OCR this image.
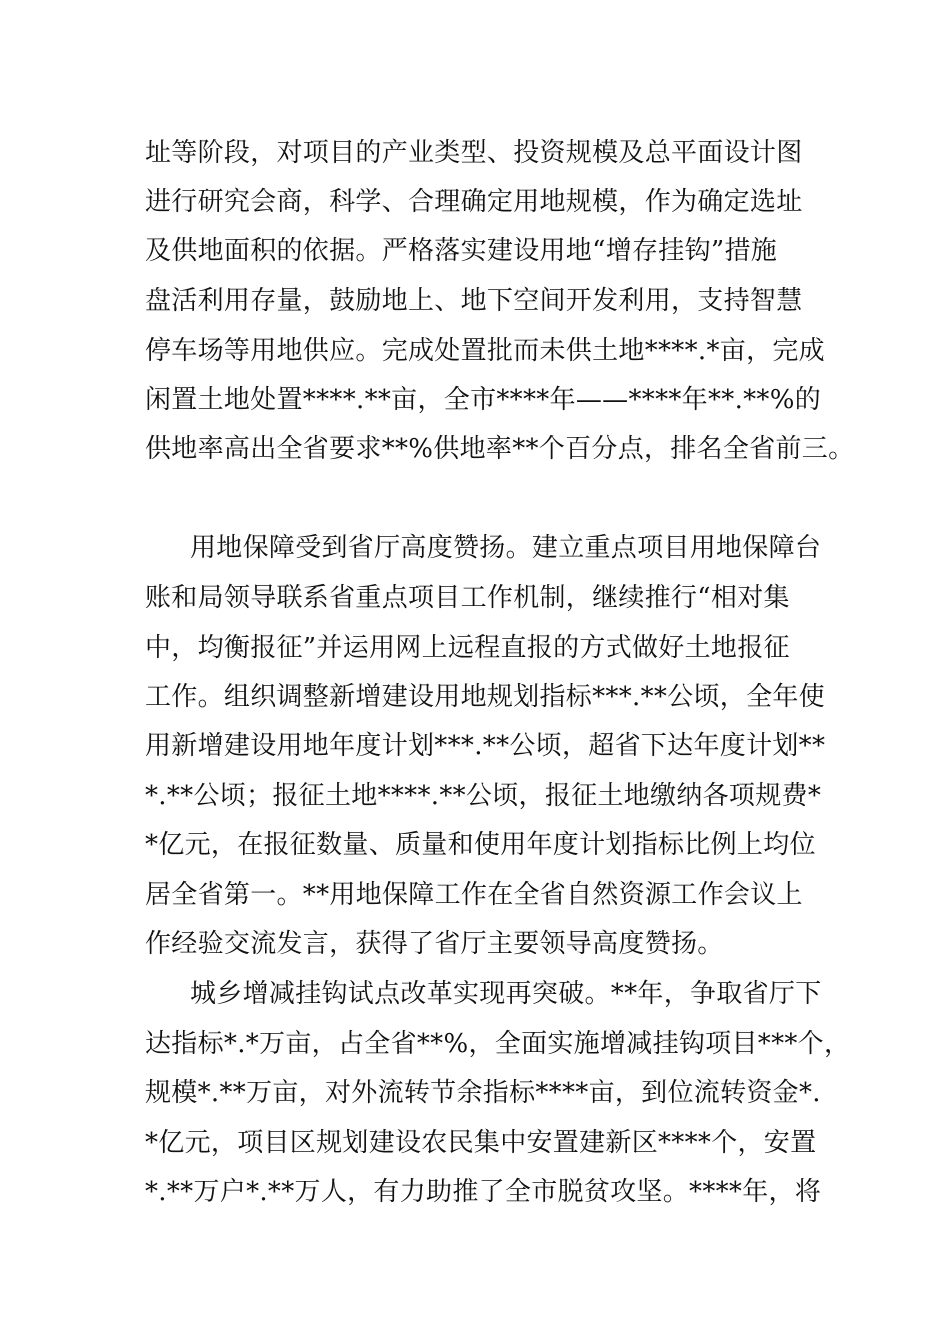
址等阶段，对项目的产业类型、投资规模及总平面设计图
进行研究会商，科学、合理确定用地规模，作为确定选址
及供地面积的依据。严格落实建设用地“增存挂钩”措施
盘活利用存量，鼓励地上、地下空间开发利用，支持智慧
停车场等用地供应。完成处置批而未供土地****.*亩，完成
闲置土地处置****.**亩，全市****年——****年**.**%的
供地率高出全省要求**%供地率**个百分点，排名全省前三。
用地保障受到省厅高度赞扬。建立重点项目用地保障台
账和局领导联系省重点项目工作机制，继续推行“相对集
中，均衡报征”并运用网上远程直报的方式做好土地报征
工作。组织调整新增建设用地规划指标***.**公顷，全年使
用新增建设用地年度计划***.**公顷，超省下达年度计划**
*.**公顷；报征土地****.**公顷，报征土地缴纳各项规费*
*亿元，在报征数量、质量和使用年度计划指标比例上均位
居全省第一。**用地保障工作在全省自然资源工作会议上
作经验交流发言，获得了省厅主要领导高度赞扬。
城乡增减挂钩试点改革实现再突破。**年，争取省厅下
达指标*.*万亩，占全省**%，全面实施增减挂钩项目***个，
规模*.**万亩，对外流转节余指标****亩，到位流转资金*.
*亿元，项目区规划建设农民集中安置建新区****个，安置
*.**万户*.**万人，有力助推了全市脱贫攻坚。****年，将
